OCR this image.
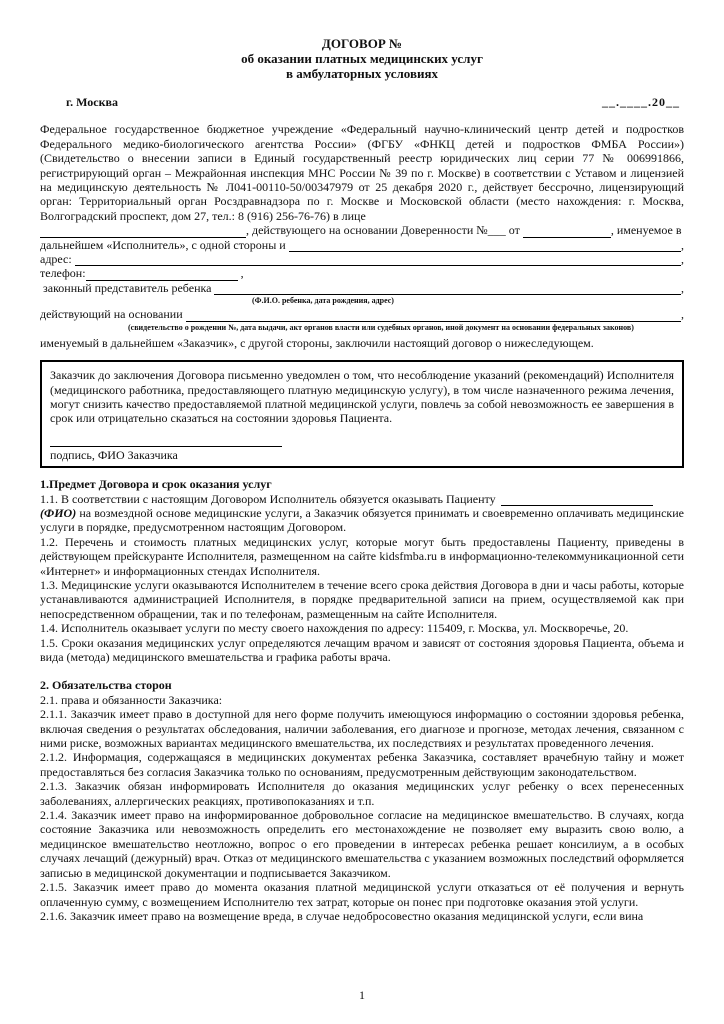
ДОГОВОР №
об оказании платных медицинских услуг
в амбулаторных условиях
г. Москва	__.____.20__

Федеральное государственное бюджетное учреждение «Федеральный научно-клинический центр детей и подростков Федерального медико-биологического агентства России» (ФГБУ «ФНКЦ детей и подростков ФМБА России») (Свидетельство о внесении записи в Единый государственный реестр юридических лиц серии 77 № 006991866, регистрирующий орган – Межрайонная инспекция МНС России № 39 по г. Москве) в соответствии с Уставом и лицензией на медицинскую деятельность № Л041-00110-50/00347979 от 25 декабря 2020 г., действует бессрочно, лицензирующий орган: Территориальный орган Росздравнадзора по г. Москве и Московской области (место нахождения: г. Москва, Волгоградский проспект, дом 27, тел.: 8 (916) 256-76-76) в лице

, действующего на основании Доверенности № ___ от	, именуемое в
дальнейшем «Исполнитель», с одной стороны и	,
адрес:	,
телефон:	,
законный представитель ребенка	,
(Ф.И.О. ребенка, дата рождения, адрес)
действующий на основании	,
(свидетельство о рождении №, дата выдачи, акт органов власти или судебных органов, иной документ на основании федеральных законов)

именуемый в дальнейшем «Заказчик», с другой стороны, заключили настоящий договор о нижеследующем.

Заказчик до заключения Договора письменно уведомлен о том, что несоблюдение указаний (рекомендаций) Исполнителя (медицинского работника, предоставляющего платную медицинскую услугу), в том числе назначенного режима лечения, могут снизить качество предоставляемой платной медицинской услуги, повлечь за собой невозможность ее завершения в срок или отрицательно сказаться на состоянии здоровья Пациента.

подпись, ФИО Заказчика

1.Предмет Договора и срок оказания услуг

1.1. В соответствии с настоящим Договором Исполнитель обязуется оказывать Пациенту

(ФИО) на возмездной основе медицинские услуги, а Заказчик обязуется принимать и своевременно оплачивать медицинские услуги в порядке, предусмотренном настоящим Договором.

1.2. Перечень и стоимость платных медицинских услуг, которые могут быть предоставлены Пациенту, приведены в действующем прейскуранте Исполнителя, размещенном на сайте kidsfmba.ru в информационно-телекоммуникационной сети «Интернет» и информационных стендах Исполнителя.

1.3. Медицинские услуги оказываются Исполнителем в течение всего срока действия Договора в дни и часы работы, которые устанавливаются администрацией Исполнителя, в порядке предварительной записи на прием, осуществляемой как при непосредственном обращении, так и по телефонам, размещенным на сайте Исполнителя.

1.4. Исполнитель оказывает услуги по месту своего нахождения по адресу: 115409, г. Москва, ул. Москворечье, 20.

1.5. Сроки оказания медицинских услуг определяются лечащим врачом и зависят от состояния здоровья Пациента, объема и вида (метода) медицинского вмешательства и графика работы врача.

2. Обязательства сторон

2.1. права и обязанности Заказчика:

2.1.1. Заказчик имеет право в доступной для него форме получить имеющуюся информацию о состоянии здоровья ребенка, включая сведения о результатах обследования, наличии заболевания, его диагнозе и прогнозе, методах лечения, связанном с ними риске, возможных вариантах медицинского вмешательства, их последствиях и результатах проведенного лечения.

2.1.2. Информация, содержащаяся в медицинских документах ребенка Заказчика, составляет врачебную тайну и может предоставляться без согласия Заказчика только по основаниям, предусмотренным действующим законодательством.

2.1.3. Заказчик обязан информировать Исполнителя до оказания медицинских услуг ребенку о всех перенесенных заболеваниях, аллергических реакциях, противопоказаниях и т.п.

2.1.4. Заказчик имеет право на информированное добровольное согласие на медицинское вмешательство. В случаях, когда состояние Заказчика или невозможность определить его местонахождение не позволяет ему выразить свою волю, а медицинское вмешательство неотложно, вопрос о его проведении в интересах ребенка решает консилиум, а в особых случаях лечащий (дежурный) врач. Отказ от медицинского вмешательства с указанием возможных последствий оформляется записью в медицинской документации и подписывается Заказчиком.

2.1.5. Заказчик имеет право до момента оказания платной медицинской услуги отказаться от её получения и вернуть оплаченную сумму, с возмещением Исполнителю тех затрат, которые он понес при подготовке оказания этой услуги.

2.1.6. Заказчик имеет право на возмещение вреда, в случае недобросовестно оказания медицинской услуги, если вина

1
